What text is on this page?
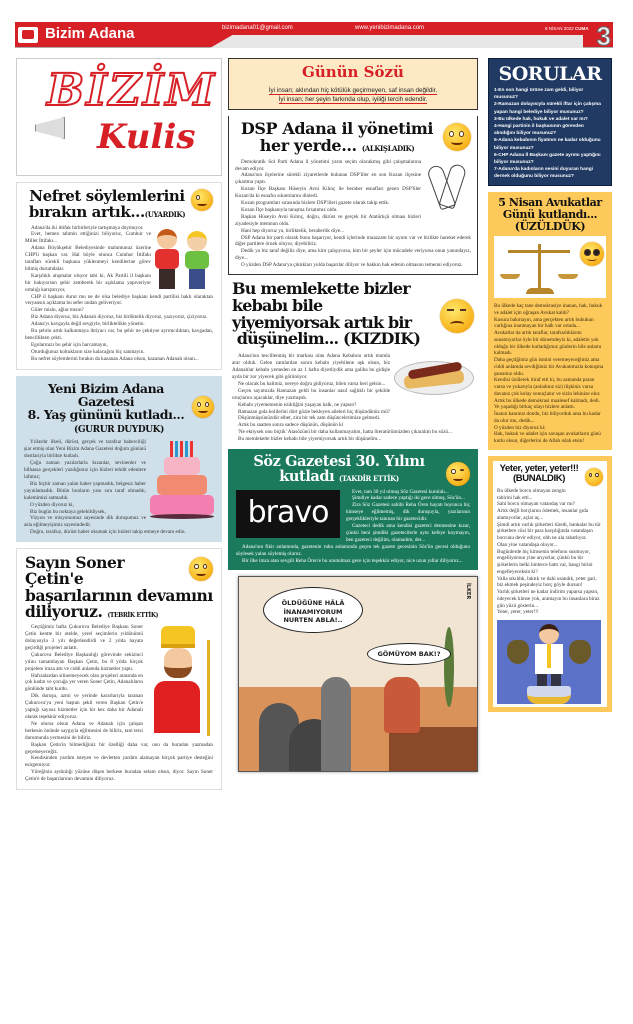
Bizim Adana	bizimadana01@gmail.com	www.yenibizimadana.com	8 NİSAN 2022 CUMA 3
BİZİM
Kulis
Nefret söylemlerini bırakın artık...(UYARDIK)

Adana'da iki ittifak birbirleriyle tartışmaya doymuyor.

Evet, hemen tahmin ettiğinizi biliyoruz, Cumhur ve Millet İttifakı...

Adana Büyükşehir Belediyesinde malumunuz üzerine CHP'li başkan var. Hal böyle olunca Cumhur İttifakı tarafları sürekli başkana yüklenmeyi kendilerine görev bilmiş durumdalar.

Karşılıklı atışmalar oluyor tabi ki, Ak Partili il başkanı bir bakıyorsun şehir zemberek bir açıklama yapıveriyor ortalığı karıştırıyor,

CHP il başkanı durur mu ne de olsa belediye başkanı kendi partilisi haklı olaraktan veryansın açıklama bu sefer ondan geliveriyor.

Güler misin, ağlar mısın?

Biz Adana diyoruz, biz Adanalı diyoruz, biz birliktelik diyoruz, yazıyoruz, çiziyoruz.

Adana'yı kavgayla değil sevgiyle, birliktelikle yönetin.

Bu şehrin artık kalkınmaya ihtiyacı var, bu şehir ne çektiyse ayrımcılıktan, kavgadan, bencillikten çekti.

Egolarınızı bu şehir için harcamayın,

Oturduğunuz koltukların size kalacağını hiç sanmayın.

Bu nefret söylemlerini bırakın da kazanan Adana olsun, kazanan Adanalı olsun...

Yeni Bizim Adana Gazetesi
8. Yaş gününü kutladı...
(GURUR DUYDUK)

Yıllardır ilkeli, dürüst, gerçek ve tarafsız haberciliği şiar etmiş olan Yeni Bizim Adana Gazetesi doğum gününü dostlarıyla birlikte kutladı.

Çoğu zaman yazılarlarla kızanlar, sevinenler ve bilhassa gerçekleri yazdığımız için bizleri tehdit edenlere lafımız;

Biz hiçbir zaman yalan haber yapmadık, belgesiz haber yayınlamadık. Bütün bunların yanı sıra taraf olmadık, kalemimizi satmadık.

O yüzden diyoruz ki,

Biz bugün bu noktaya gelebildiysek,

Vizyon ve misyonumuz sayesinde dik duruşumuz ve asla eğilmeyişimiz sayesindedir.

Doğru, tarafsız, dürüst haber okumak için bizleri takip etmeye devam edin.

Sayın Soner Çetin'e
başarılarının devamını
diliyoruz. (TEBRİK ETTİK)

Geçtiğimiz hafta Çukurova Belediye Başkanı Soner Çetin kentte bir otelde, yerel seçimlerin yıldönümü dolayısıyla 3 yılı değerlendirdi ve 2 yılda hayata geçirdiği projeleri anlattı.

Çukurova Belediye Başkanlığı görevinde sekizinci yılını tamamlayan Başkan Çetin, bu 8 yılda birçok projelere imza attı ve ciddi anlamda hizmetler yaptı.

Hafızalardan silinemeyecek olan projeleri arasında en çok kadın ve çocuğa yer veren Soner Çetin, Adanalıların gönlünde taht kurdu.

Dik duruşu, azmi ve yerinde kararlarıyla taranan Çukurova'ya yeni baştan şekil veren Başkan Çetin'e yaptığı sayısız hizmetler için bir kez daha bir Adanalı olarak teşekkür ediyoruz.

Ne olursa olsun Adana ve Adanalı için çalışan herkesin önünde saygıyla eğilmesini de biliriz, tam tersi durumunda yermesini de biliriz.

Başkan Çetin'in bilmediğiniz bir özelliği daha var, onu da buradan yazmadan geçemeyeceğiz.

Kendisinden yardım isteyen ve devletten yardım alamayan birçok partiye desteğini esirgemiyor.

Yüreğinin aydınlığı yüzüne düşen herkese buradan selam olsun, diyor. Sayın Soner Çetin'e de başarılarının devamını diliyoruz.

Günün Sözü
İyi insan; aklından hiç kötülük geçirmeyen, saf insan değildir.
İyi insan; her şeyin farkında olup, iyiliği tercih edendir.
DSP Adana il yönetimi
her yerde... (ALKIŞLADIK)

Demokratik Sol Parti Adana il yönetimi yarın seçim olacakmış gibi çalışmalarına devam ediyor.

Adana'nın ilçelerine sürekli ziyaretlerde bulunan DSP'liler en son Kozan ilçesine çıkartma yaptı.

Kozan İlçe Başkanı Hüseyin Avni Kılınç ile beraber esnafları gezen DSP'liler Kozan'da ki esnafın sıkıntılarını dinledi.

Kozan programları sırasında bizlere DSP'lileri gazete olarak takip ettik.

Kozan İlçe başkanıyla tanışma fırsatımız oldu.

Başkan Hüseyin Avni Kılınç, doğru, dürüst ve gerçek bir Atatürkçü olması bizleri ziyadesiyle memnun oldu.

Hani hep diyoruz ya, birliktelik, beraberlik diye...

DSP Adana bir parti olarak bunu başarıyor, kendi içlerinde muazzam bir uyum var ve birlikte hareket ederek diğer partilere örnek oluyor, diyebiliriz.

Dedik ya biz taraf değiliz diye, ama kim çalışıyorsa, kim bir şeyler için mücadele veriyorsa onun yanındayız, diye...

O yüzden DSP Adana'ya çıktıkları yolda başarılar diliyor ve hakkın hak edenin olmasını temenni ediyoruz.

Bu memlekette bizler kebabı bile
yiyemiyorsak artık bir
düşünelim... (KIZDIK)

Adana'nın tescillenmiş bir markası olan Adana Kebabını artık mumla arar olduk. Gelen zamlardan sonra kebabı yiyebilene aşk olsun, biz Adanalılar kebabı yemeden en az 1 hafta diyetliydik ama galiba bu gidişle ayda bir zor yiyecek gibi görünüyor.

Ne olacak bu halimiz, nereye doğru gidiyoruz, bilen varsa beri gelsin...

Geçen sayımızda Ramazan geldi bu insanlar nasıl sağlıklı bir şekilde oruçlarını açacaklar, diye yazmıştık.

Kebabı yiyememenin ezikliğini yaşayan halk, ne yapsın?

Ramazan gıda kolilerini dört gözle bekleyen aileleri hiç düşündünüz mü?

Düşünmüşsünüzdür elbet, zira bir tek zam düşüncelerimize gelmedi.

Artık bu saatten sonra sadece düşünün, düşünün ki

'Ne ektiysek onu biçtik' Atasözünü bir daha kullanmayalım, hatta literatürümüzden çıkaralım bu sözü...

Bu memlekette bizler kebabı bile yiyemiyorsak artık bir düşünelim...

Söz Gazetesi 30. Yılını
kutladı (TAKDİR ETTİK)
bravo

Evet, tam 30 yıl olmuş Söz Gazetesi kurulalı...

Şimdiye kadar sadece yaptığı iki gece olmuş, Söz'ün...

Zira Söz Gazetesi sahibi Reha Ören hayatı boyunca hiç kimseye eğilmemiş, dik duruşuyla, yazılarının gerçeklikleriyle tanınan bir gazetecidir.

Gazeteci dedik ama kendisi gazeteci denmesine kızar, çünkü beni şimdiki gazetecilerle aynı kefeye koymayın, ben gazeteci değilim, olamadım, der...

Adana'nın fikir anlamında, gazetenin ruhu anlamında geçen tek gazete gecesinin Söz'ün gecesi olduğunu söylesek yalan söylemiş oluruz.

Bir ilke imza atan sevgili Reha Ören'e bu unutulmaz gece için teşekkür ediyor, nice uzun yıllar diliyoruz...

ÖLDÜĞÜNE HÂLÂ İNANAMIYORUM NURTEN ABLA!..
GÖMÜYOM BAK!?
İLKER
SORULAR
1-En son hangi ürüne zam geldi, biliyor musunuz?
2-Ramazan dolayısıyla sürekli iftar için çalışma yapan hangi belediye biliyor musunuz?
3-Bu ülkede hak, hukuk ve adalet var mı?
4-Hangi partinin il başkanının görevden alındığını biliyor musunuz?
5-Adana kebabının fiyatının ne kadar olduğunu biliyor musunuz?
6-CHP Adana İl Başkanı gazete ayrımı yaptığını biliyor musunuz?
7-Adana'da kadınların sesini duyuran hangi dernek olduğunu biliyor musunuz?
5 Nisan Avukatlar
Günü kutlandı...
(ÜZÜLDÜK)

Bu ülkede kaç tane demokrasiye inanan, hak, hukuk ve adalet için uğraşan Avukat kaldı?

Kusura bakmayın, ama gerçekten artık hukukun varlığına inanmayan bir halk var ortada...

Avukatlar da artık taraflar, tarafsızlıklarını sunamıyorlar öyle bir dönemdeyiz ki, adaletin yok olduğu bir ülkede kutladığımız günlerin bile anlamı kalmadı.

Daha geçtiğimiz gün ismini veremeyeceğimiz ama ciddi anlamda sevdiğimiz bir Avukatımızla konuşma şansımız oldu.

Kendisi üzülerek itiraf etti ki, bu zamanda paran varsa ve yukarıyla (anladınız siz) ilişkiniz varsa davanız çok kolay sonuçlanır ve sizin lehinize olur. Artık bu ülkede demokrasi maalesef kalmadı, dedi. Ve yaşadığı birkaç olayı bizlere anlattı.

İnanın kanımız dondu, biz biliyorduk ama bu kadar da olur mu, dedik...

O yüzden biz diyoruz ki;

Hak, hukuk ve adalet için savaşan avukatların günü kutlu olsun, diğerlerini de Allah ıslah etsin!

Yeter, yeter, yeter!!!
(BUNALDIK)

Bu ülkede borcu olmayan zengin tabirini hak etti...

Sahi borcu olmayan vatandaş var mı?

Artık değil borçlarını ödemek, insanlar gıda alamıyorlar, açlar aç...

Şimdi artık varlık şirketleri türedi, bankalar bu tür şirketlere cüzi bir para karşılığında vatandaşın borcunu devir ediyor, ohh ne ala rahatlıyor.

Olan yine vatandaşa oluyor...

Bugünlerde hiç kimsenin telefonu susmuyor, engelliyorsun yine arıyorlar, çünkü bu tür şirketlerin belki binlerce hattı var, hangi birini engelleyeceksin ki?

Valla sıkıldık, bıktık ve dahi usandık, yeter gari, biz ekmek peşindeyiz borç göyle dursun!

Varlık şirketleri ne kadar indirim yaparsa yapsın, ödeyecek kimse yok, aramayın bu insanlara biraz gün yüzü gösterin...

Yeter, yeter, yeter!!!
